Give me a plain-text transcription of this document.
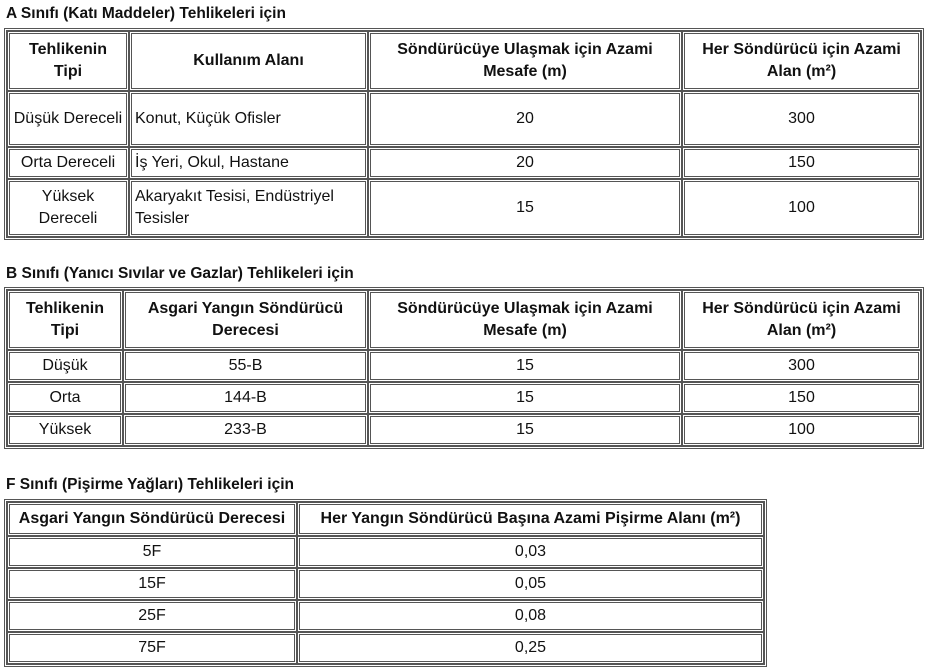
A Sınıfı (Katı Maddeler) Tehlikeleri için
Tehlikenin Tipi	Kullanım Alanı	Söndürücüye Ulaşmak için Azami Mesafe (m)	Her Söndürücü için Azami Alan (m²)
Düşük Dereceli	Konut, Küçük Ofisler	20	300
Orta Dereceli	İş Yeri, Okul, Hastane	20	150
Yüksek Dereceli	Akaryakıt Tesisi, Endüstriyel Tesisler	15	100
B Sınıfı (Yanıcı Sıvılar ve Gazlar) Tehlikeleri için
Tehlikenin Tipi	Asgari Yangın Söndürücü Derecesi	Söndürücüye Ulaşmak için Azami Mesafe (m)	Her Söndürücü için Azami Alan (m²)
Düşük	55-B	15	300
Orta	144-B	15	150
Yüksek	233-B	15	100
F Sınıfı (Pişirme Yağları) Tehlikeleri için
Asgari Yangın Söndürücü Derecesi	Her Yangın Söndürücü Başına Azami Pişirme Alanı (m²)
5F	0,03
15F	0,05
25F	0,08
75F	0,25
